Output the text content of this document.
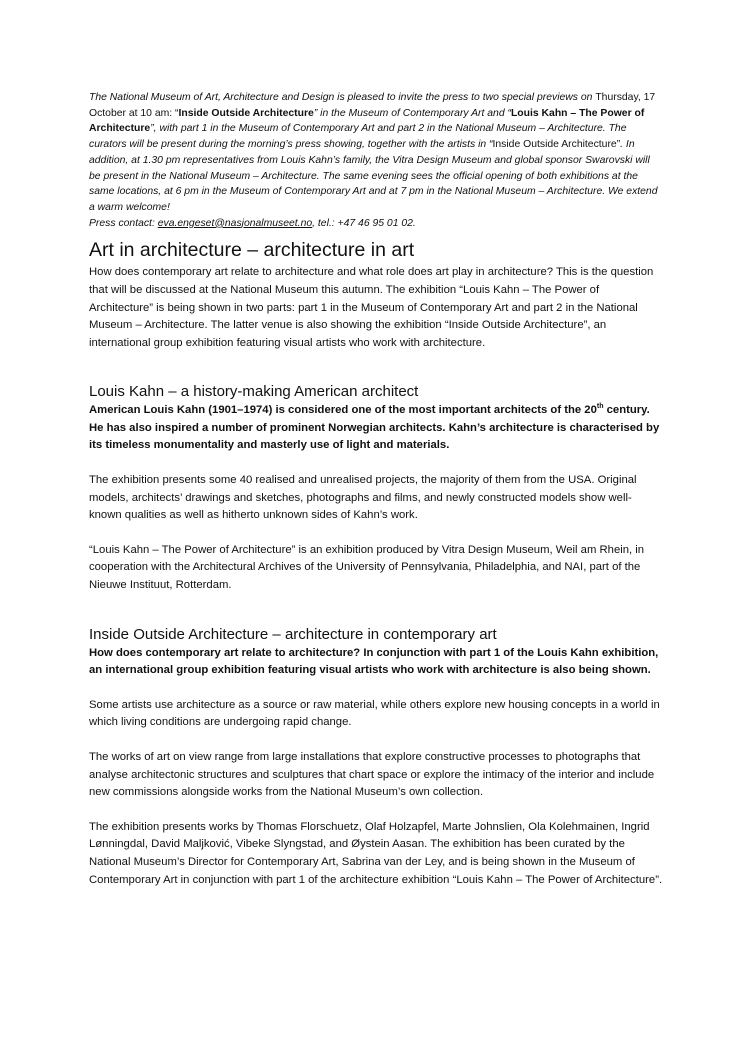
The National Museum of Art, Architecture and Design is pleased to invite the press to two special previews on Thursday, 17 October at 10 am: “Inside Outside Architecture” in the Museum of Contemporary Art and “Louis Kahn – The Power of Architecture”, with part 1 in the Museum of Contemporary Art and part 2 in the National Museum – Architecture. The curators will be present during the morning’s press showing, together with the artists in “Inside Outside Architecture”. In addition, at 1.30 pm representatives from Louis Kahn’s family, the Vitra Design Museum and global sponsor Swarovski will be present in the National Museum – Architecture. The same evening sees the official opening of both exhibitions at the same locations, at 6 pm in the Museum of Contemporary Art and at 7 pm in the National Museum – Architecture. We extend a warm welcome!
Press contact: eva.engeset@nasjonalmuseet.no, tel.: +47 46 95 01 02.

Art in architecture – architecture in art

How does contemporary art relate to architecture and what role does art play in architecture? This is the question that will be discussed at the National Museum this autumn. The exhibition “Louis Kahn – The Power of Architecture” is being shown in two parts: part 1 in the Museum of Contemporary Art and part 2 in the National Museum – Architecture. The latter venue is also showing the exhibition “Inside Outside Architecture”, an international group exhibition featuring visual artists who work with architecture.

Louis Kahn – a history-making American architect

American Louis Kahn (1901–1974) is considered one of the most important architects of the 20th century. He has also inspired a number of prominent Norwegian architects. Kahn’s architecture is characterised by its timeless monumentality and masterly use of light and materials.

The exhibition presents some 40 realised and unrealised projects, the majority of them from the USA. Original models, architects’ drawings and sketches, photographs and films, and newly constructed models show well-known qualities as well as hitherto unknown sides of Kahn’s work.

“Louis Kahn – The Power of Architecture” is an exhibition produced by Vitra Design Museum, Weil am Rhein, in cooperation with the Architectural Archives of the University of Pennsylvania, Philadelphia, and NAI, part of the Nieuwe Instituut, Rotterdam.

Inside Outside Architecture – architecture in contemporary art

How does contemporary art relate to architecture? In conjunction with part 1 of the Louis Kahn exhibition, an international group exhibition featuring visual artists who work with architecture is also being shown.

Some artists use architecture as a source or raw material, while others explore new housing concepts in a world in which living conditions are undergoing rapid change.

The works of art on view range from large installations that explore constructive processes to photographs that analyse architectonic structures and sculptures that chart space or explore the intimacy of the interior and include new commissions alongside works from the National Museum’s own collection.

The exhibition presents works by Thomas Florschuetz, Olaf Holzapfel, Marte Johnslien, Ola Kolehmainen, Ingrid Lønningdal, David Maljković, Vibeke Slyngstad, and Øystein Aasan. The exhibition has been curated by the National Museum’s Director for Contemporary Art, Sabrina van der Ley, and is being shown in the Museum of Contemporary Art in conjunction with part 1 of the architecture exhibition “Louis Kahn – The Power of Architecture”.
